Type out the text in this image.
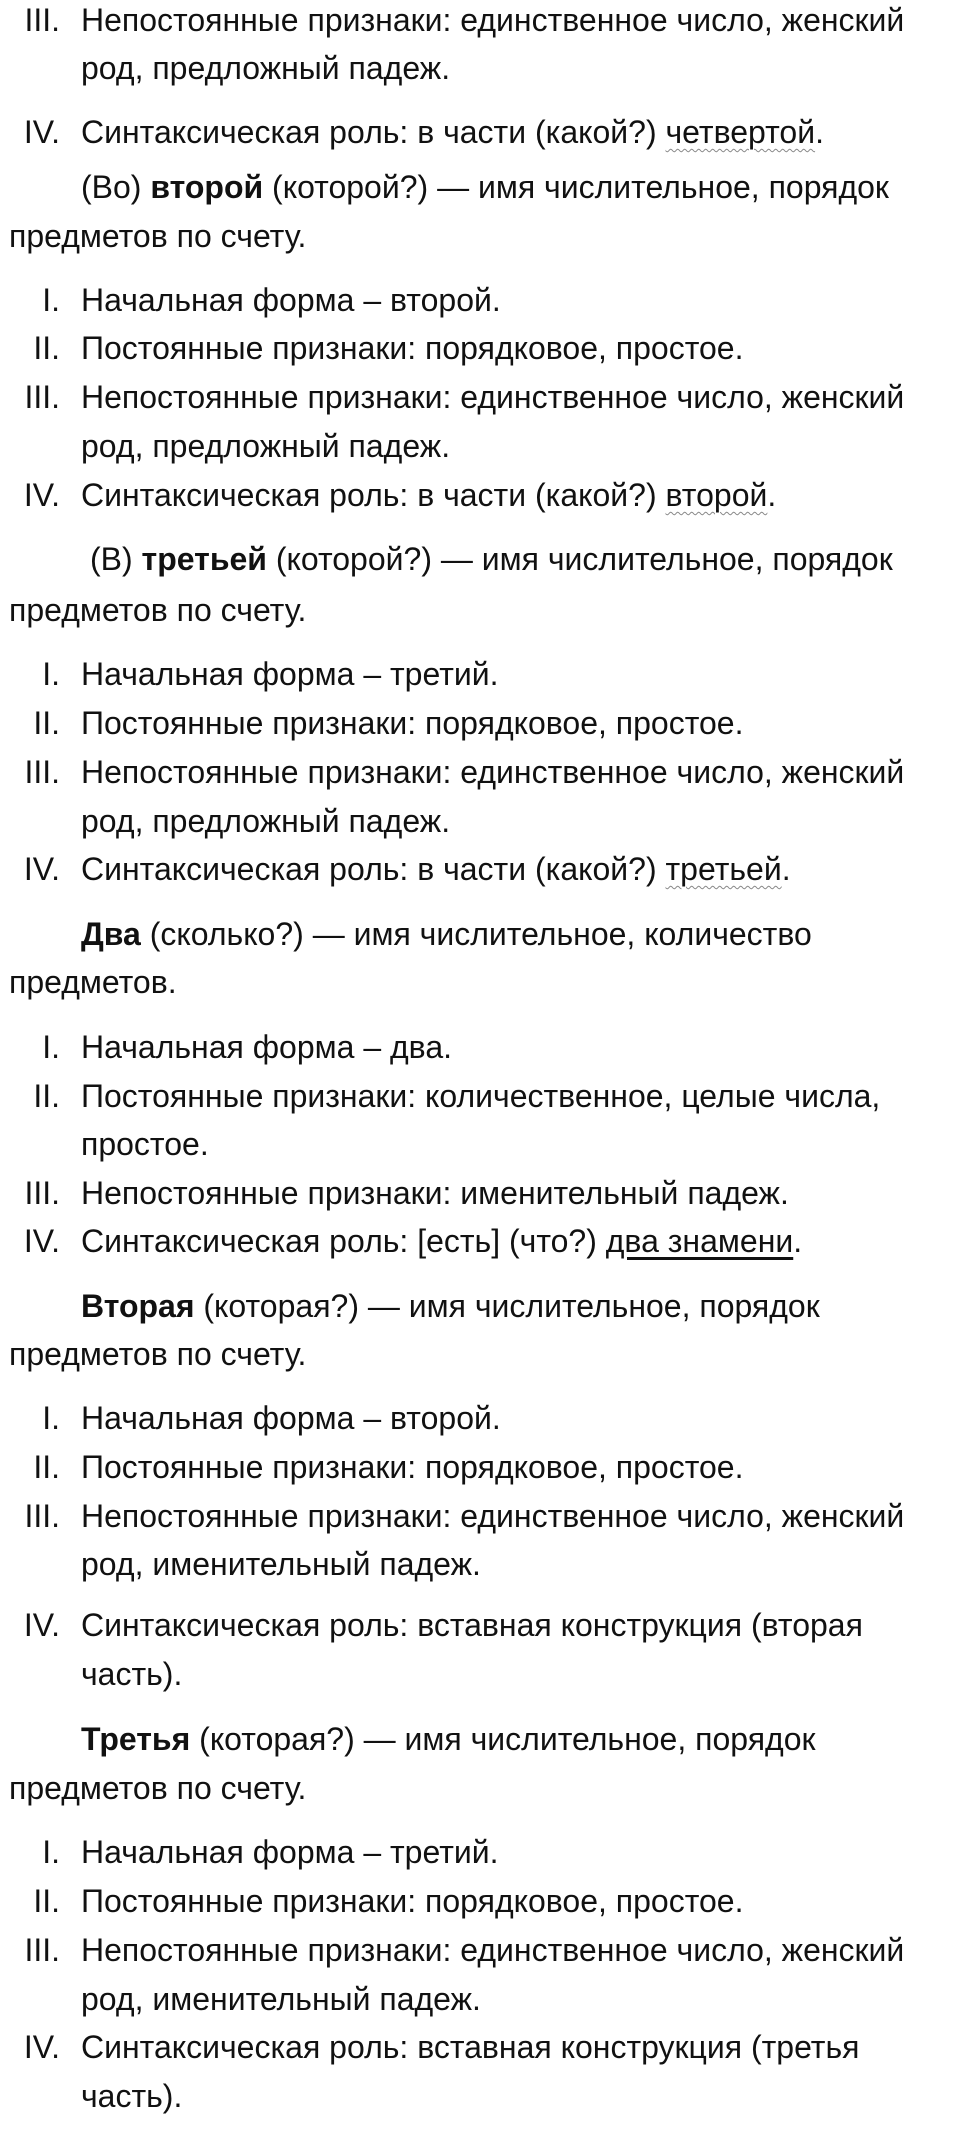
III. Непостоянные признаки: единственное число, женский
род, предложный падеж.
IV. Синтаксическая роль: в части (какой?) четвертой.
(Во) второй (которой?) — имя числительное, порядок
предметов по счету.
I. Начальная форма – второй.
II. Постоянные признаки: порядковое, простое.
III. Непостоянные признаки: единственное число, женский
род, предложный падеж.
IV. Синтаксическая роль: в части (какой?) второй.
(В) третьей (которой?) — имя числительное, порядок
предметов по счету.
I. Начальная форма – третий.
II. Постоянные признаки: порядковое, простое.
III. Непостоянные признаки: единственное число, женский
род, предложный падеж.
IV. Синтаксическая роль: в части (какой?) третьей.
Два (сколько?) — имя числительное, количество
предметов.
I. Начальная форма – два.
II. Постоянные признаки: количественное, целые числа,
простое.
III. Непостоянные признаки: именительный падеж.
IV. Синтаксическая роль: [есть] (что?) два знамени.
Вторая (которая?) — имя числительное, порядок
предметов по счету.
I. Начальная форма – второй.
II. Постоянные признаки: порядковое, простое.
III. Непостоянные признаки: единственное число, женский
род, именительный падеж.
IV. Синтаксическая роль: вставная конструкция (вторая
часть).
Третья (которая?) — имя числительное, порядок
предметов по счету.
I. Начальная форма – третий.
II. Постоянные признаки: порядковое, простое.
III. Непостоянные признаки: единственное число, женский
род, именительный падеж.
IV. Синтаксическая роль: вставная конструкция (третья
часть).
